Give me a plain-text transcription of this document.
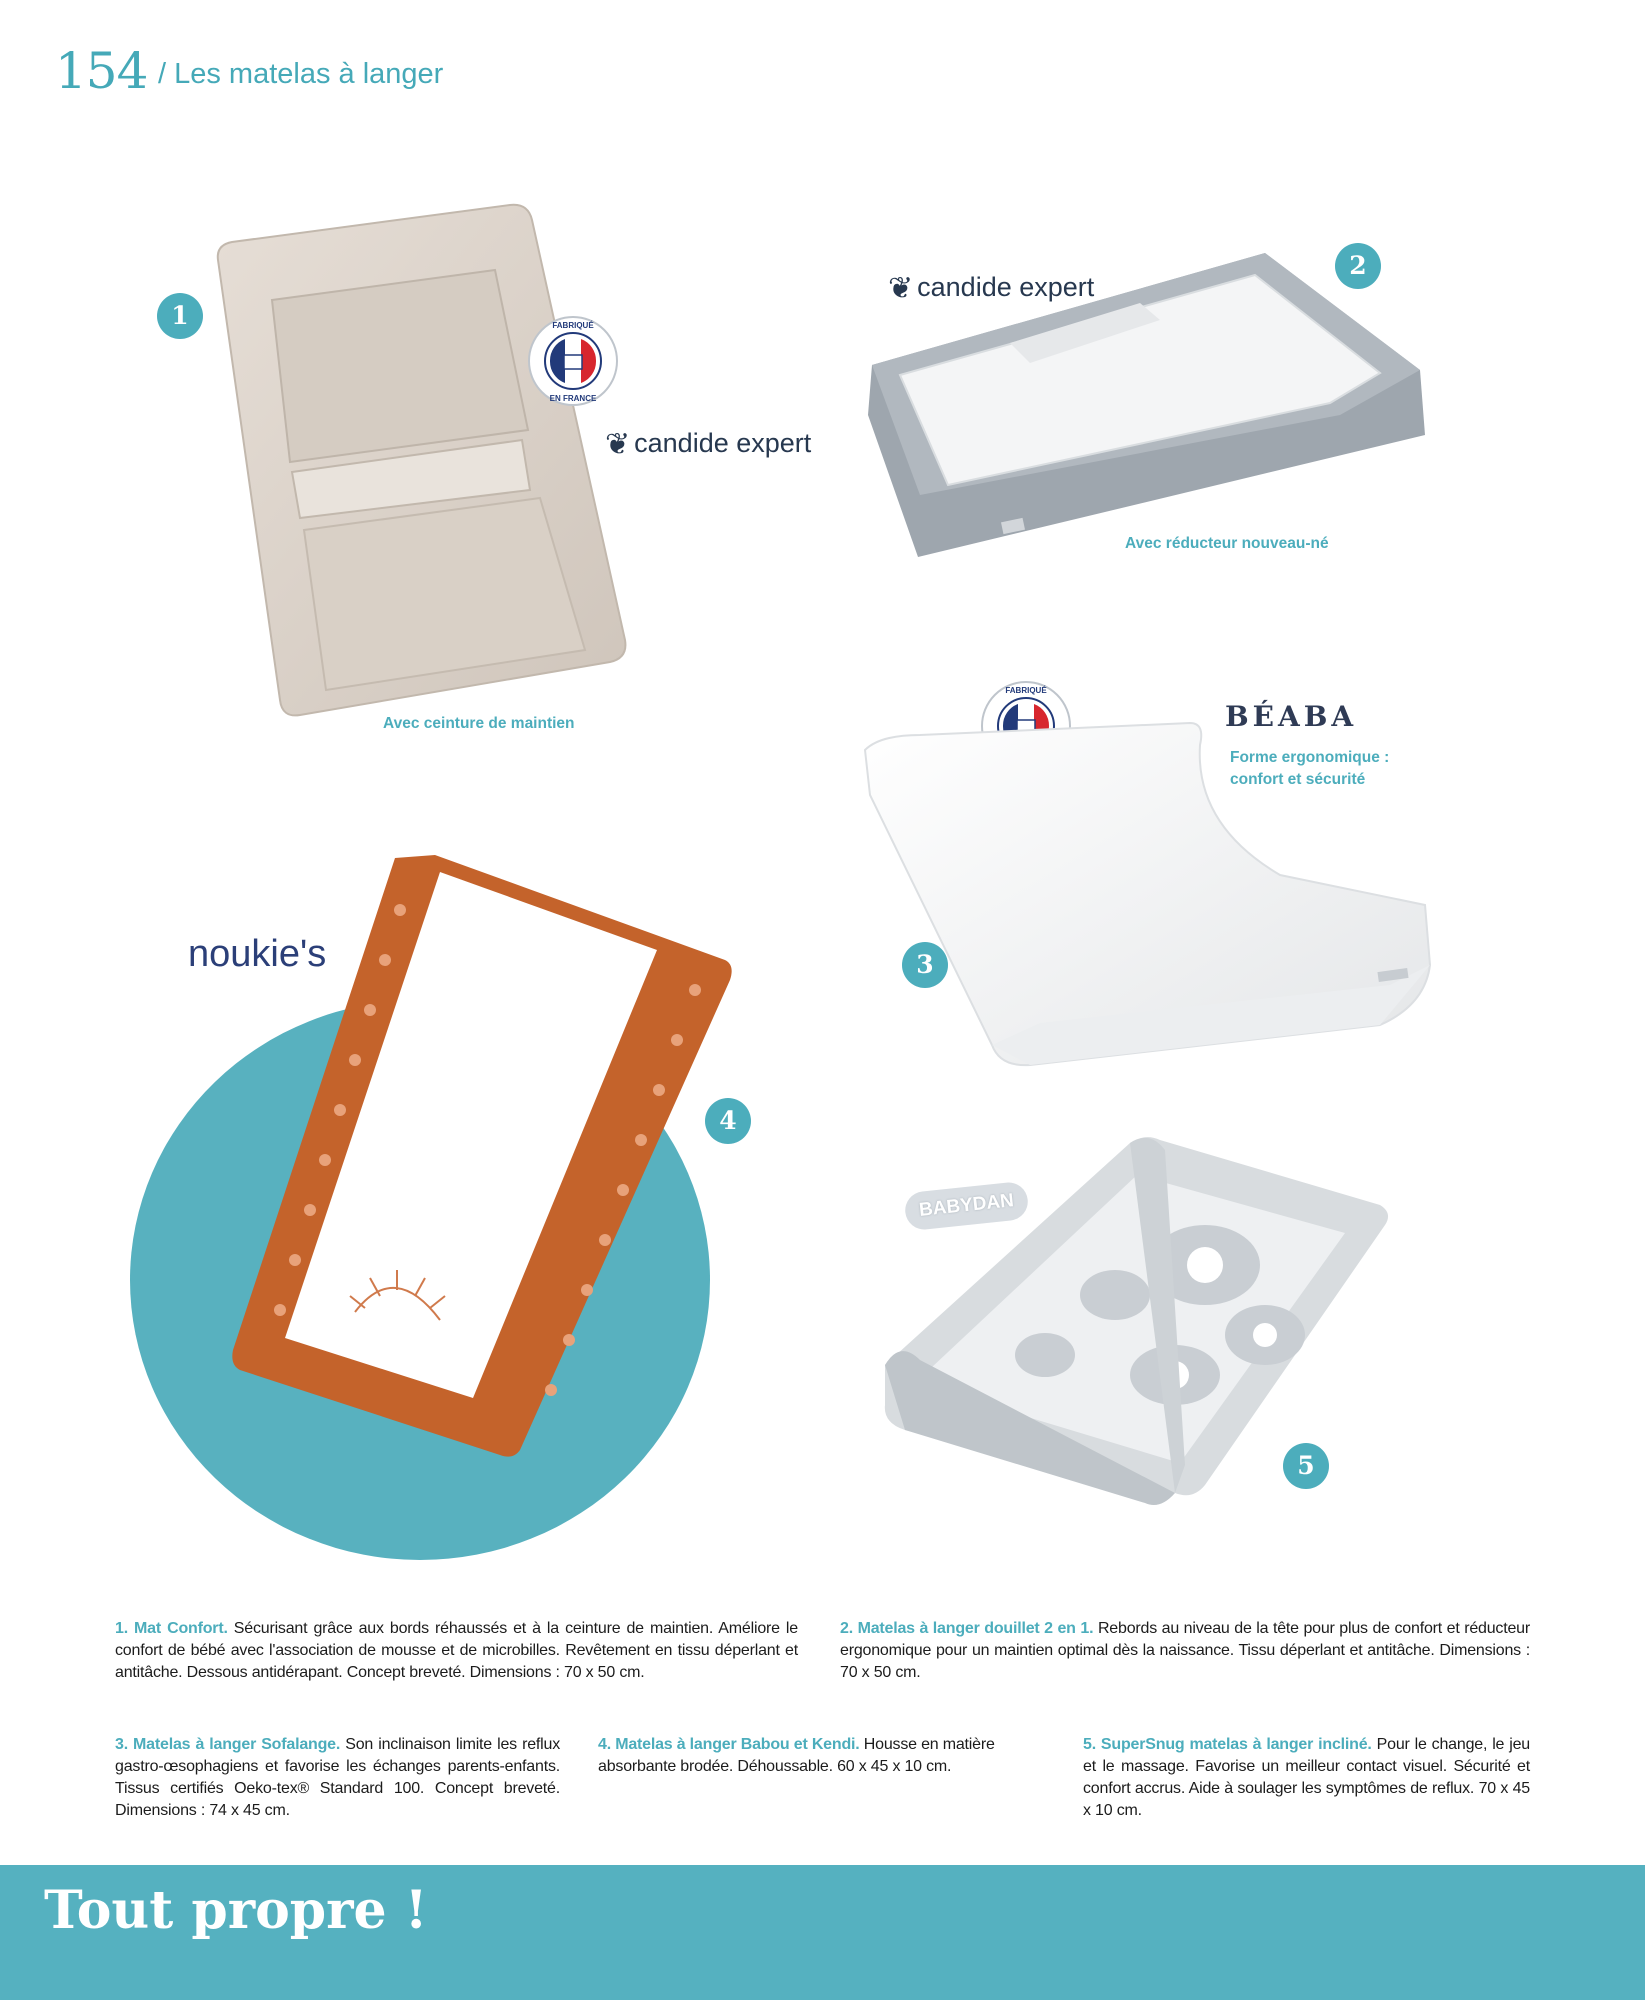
154 / Les matelas à langer
1	FABRIQUÉ
EN FRANCE
❦ candide expert
Avec ceinture de maintien
❦ candide expert
2
Avec réducteur nouveau-né
FABRIQUÉ
BÉABA
Forme ergonomique :
confort et sécurité
3
noukie's
4
BABYDAN
5
1. Mat Confort. Sécurisant grâce aux bords réhaussés et à la ceinture de maintien. Améliore le confort de bébé avec l'association de mousse et de microbilles. Revêtement en tissu déperlant et antitâche. Dessous antidérapant. Concept breveté. Dimensions : 70 x 50 cm.
2. Matelas à langer douillet 2 en 1. Rebords au niveau de la tête pour plus de confort et réducteur ergonomique pour un maintien optimal dès la naissance. Tissu déperlant et antitâche. Dimensions : 70 x 50 cm.
3. Matelas à langer Sofalange. Son inclinaison limite les reflux gastro-œsophagiens et favorise les échanges parents-enfants. Tissus certifiés Oeko-tex® Standard 100. Concept breveté. Dimensions : 74 x 45 cm.
4. Matelas à langer Babou et Kendi. Housse en matière absorbante brodée. Déhoussable. 60 x 45 x 10 cm.
5. SuperSnug matelas à langer incliné. Pour le change, le jeu et le massage. Favorise un meilleur contact visuel. Sécurité et confort accrus. Aide à soulager les symptômes de reflux. 70 x 45 x 10 cm.
Tout propre !
